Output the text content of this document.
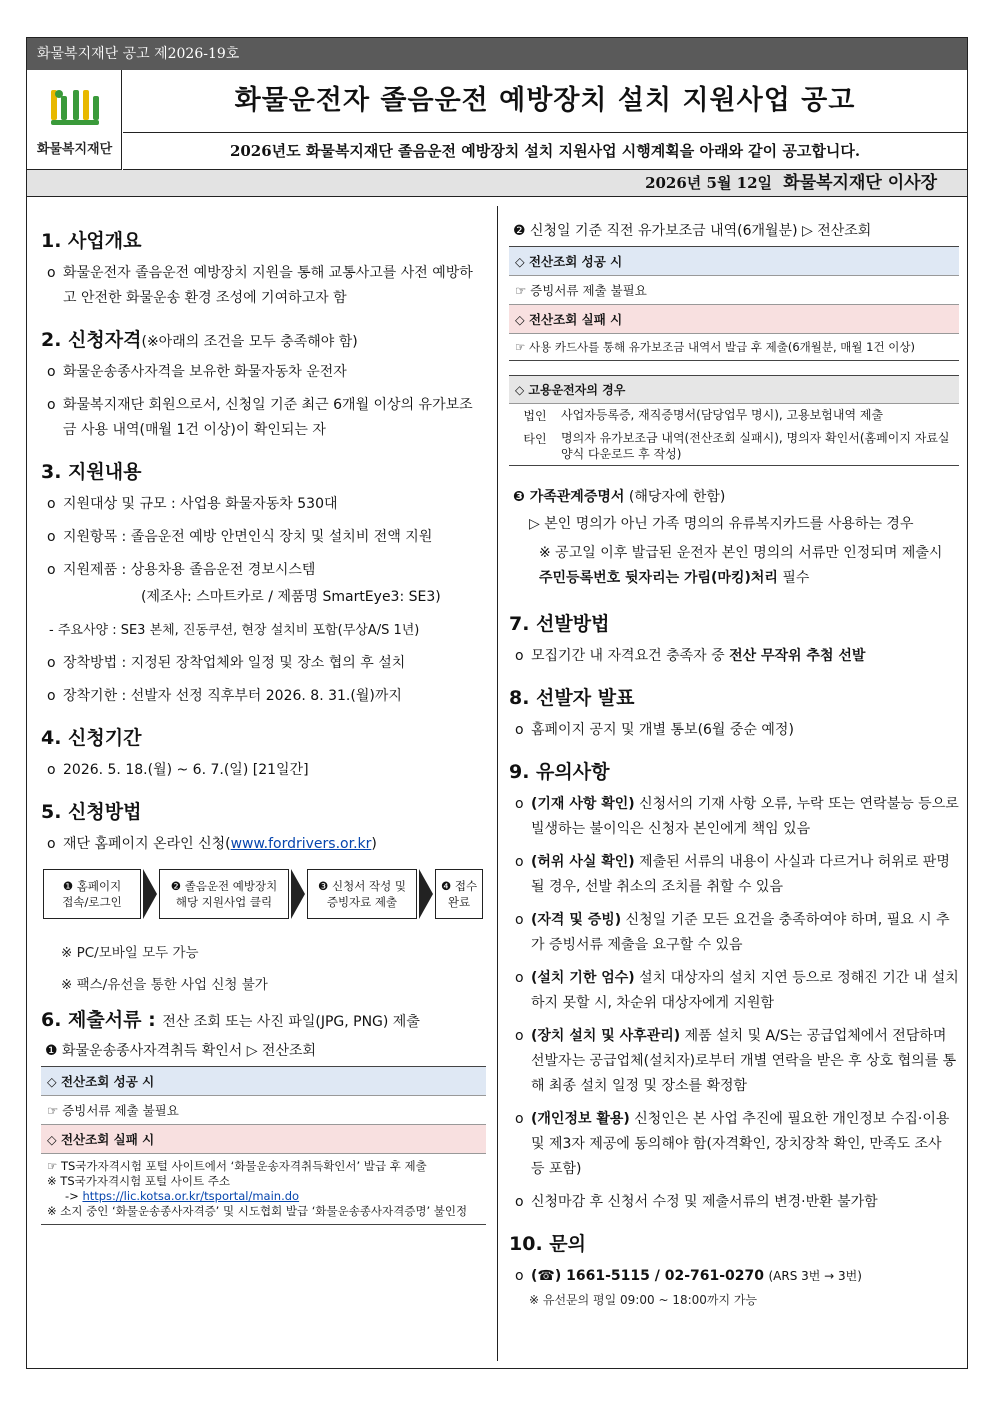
화물복지재단 공고 제2026-19호
화물복지재단
화물운전자 졸음운전 예방장치 설치 지원사업 공고
2026년도 화물복지재단 졸음운전 예방장치 설치 지원사업 시행계획을 아래와 같이 공고합니다.
2026년 5월 12일 화물복지재단 이사장
1. 사업개요
o 화물운전자 졸음운전 예방장치 지원을 통해 교통사고를 사전 예방하고 안전한 화물운송 환경 조성에 기여하고자 함
2. 신청자격(※아래의 조건을 모두 충족해야 함)
o 화물운송종사자격을 보유한 화물자동차 운전자
o 화물복지재단 회원으로서, 신청일 기준 최근 6개월 이상의 유가보조금 사용 내역(매월 1건 이상)이 확인되는 자
3. 지원내용
o 지원대상 및 규모 : 사업용 화물자동차 530대
o 지원항목 : 졸음운전 예방 안면인식 장치 및 설치비 전액 지원
o 지원제품 : 상용차용 졸음운전 경보시스템
(제조사: 스마트카로 / 제품명 SmartEye3: SE3)
- 주요사양 : SE3 본체, 진동쿠션, 현장 설치비 포함(무상A/S 1년)
o 장착방법 : 지정된 장착업체와 일정 및 장소 협의 후 설치
o 장착기한 : 선발자 선정 직후부터 2026. 8. 31.(월)까지
4. 신청기간
o 2026. 5. 18.(월) ~ 6. 7.(일) [21일간]
5. 신청방법
o 재단 홈페이지 온라인 신청(www.fordrivers.or.kr)
❶ 홈페이지
접속/로그인
❷ 졸음운전 예방장치
해당 지원사업 클릭
❸ 신청서 작성 및
증빙자료 제출
❹ 접수
완료
※ PC/모바일 모두 가능
※ 팩스/유선을 통한 사업 신청 불가
6. 제출서류 : 전산 조회 또는 사진 파일(JPG, PNG) 제출
❶ 화물운송종사자격취득 확인서 ▷ 전산조회
◇ 전산조회 성공 시
☞ 증빙서류 제출 불필요
◇ 전산조회 실패 시
☞ TS국가자격시험 포털 사이트에서 ‘화물운송자격취득확인서’ 발급 후 제출
※ TS국가자격시험 포털 사이트 주소
-> https://lic.kotsa.or.kr/tsportal/main.do
※ 소지 중인 ‘화물운송종사자격증’ 및 시도협회 발급 ‘화물운송종사자격증명’ 불인정
❷ 신청일 기준 직전 유가보조금 내역(6개월분) ▷ 전산조회
◇ 전산조회 성공 시
☞ 증빙서류 제출 불필요
◇ 전산조회 실패 시
☞ 사용 카드사를 통해 유가보조금 내역서 발급 후 제출(6개월분, 매월 1건 이상)
◇ 고용운전자의 경우
법인	사업자등록증, 재직증명서(담당업무 명시), 고용보험내역 제출
타인	명의자 유가보조금 내역(전산조회 실패시), 명의자 확인서(홈페이지 자료실 양식 다운로드 후 작성)
❸ 가족관계증명서 (해당자에 한함)
▷ 본인 명의가 아닌 가족 명의의 유류복지카드를 사용하는 경우
※ 공고일 이후 발급된 운전자 본인 명의의 서류만 인정되며 제출시 주민등록번호 뒷자리는 가림(마킹)처리 필수
7. 선발방법
o 모집기간 내 자격요건 충족자 중 전산 무작위 추첨 선발
8. 선발자 발표
o 홈페이지 공지 및 개별 통보(6월 중순 예정)
9. 유의사항
o (기재 사항 확인) 신청서의 기재 사항 오류, 누락 또는 연락불능 등으로 빌생하는 불이익은 신청자 본인에게 책임 있음
o (허위 사실 확인) 제출된 서류의 내용이 사실과 다르거나 허위로 판명될 경우, 선발 취소의 조치를 취할 수 있음
o (자격 및 증빙) 신청일 기준 모든 요건을 충족하여야 하며, 필요 시 추가 증빙서류 제출을 요구할 수 있음
o (설치 기한 엄수) 설치 대상자의 설치 지연 등으로 정해진 기간 내 설치하지 못할 시, 차순위 대상자에게 지원함
o (장치 설치 및 사후관리) 제품 설치 및 A/S는 공급업체에서 전담하며 선발자는 공급업체(설치자)로부터 개별 연락을 받은 후 상호 협의를 통해 최종 설치 일정 및 장소를 확정함
o (개인정보 활용) 신청인은 본 사업 추진에 필요한 개인정보 수집·이용 및 제3자 제공에 동의해야 함(자격확인, 장치장착 확인, 만족도 조사 등 포함)
o 신청마감 후 신청서 수정 및 제출서류의 변경·반환 불가함
10. 문의
o (☎) 1661-5115 / 02-761-0270 (ARS 3번 → 3번)
※ 유선문의 평일 09:00 ~ 18:00까지 가능
